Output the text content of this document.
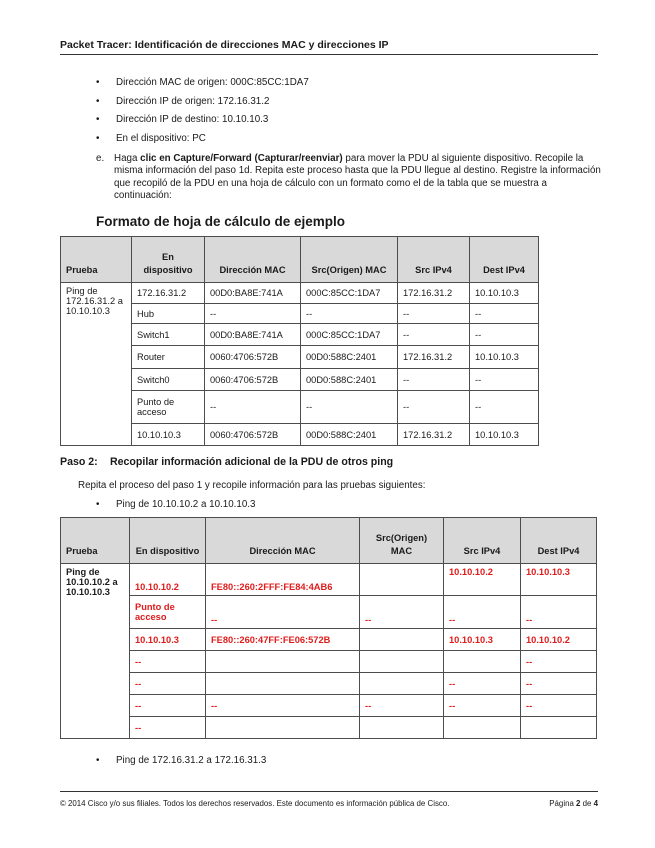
Packet Tracer: Identificación de direcciones MAC y direcciones IP
• Dirección MAC de origen: 000C:85CC:1DA7
• Dirección IP de origen: 172.16.31.2
• Dirección IP de destino: 10.10.10.3
• En el dispositivo: PC
e. Haga clic en Capture/Forward (Capturar/reenviar) para mover la PDU al siguiente dispositivo. Recopile la misma información del paso 1d. Repita este proceso hasta que la PDU llegue al destino. Registre la información que recopiló de la PDU en una hoja de cálculo con un formato como el de la tabla que se muestra a continuación:
Formato de hoja de cálculo de ejemplo
Prueba	En dispositivo	Dirección MAC	Src(Origen) MAC	Src IPv4	Dest IPv4
Ping de 172.16.31.2 a 10.10.10.3	172.16.31.2	00D0:BA8E:741A	000C:85CC:1DA7	172.16.31.2	10.10.10.3
	Hub	--	--	--	--
	Switch1	00D0:BA8E:741A	000C:85CC:1DA7	--	--
	Router	0060:4706:572B	00D0:588C:2401	172.16.31.2	10.10.10.3
	Switch0	0060:4706:572B	00D0:588C:2401	--	--
	Punto de acceso	--	--	--	--
	10.10.10.3	0060:4706:572B	00D0:588C:2401	172.16.31.2	10.10.10.3
Paso 2: Recopilar información adicional de la PDU de otros ping
Repita el proceso del paso 1 y recopile información para las pruebas siguientes:
• Ping de 10.10.10.2 a 10.10.10.3
Prueba	En dispositivo	Dirección MAC	Src(Origen) MAC	Src IPv4	Dest IPv4
Ping de 10.10.10.2 a 10.10.10.3	10.10.10.2	FE80::260:2FFF:FE84:4AB6		10.10.10.2	10.10.10.3
	Punto de acceso	--	--	--	--
	10.10.10.3	FE80::260:47FF:FE06:572B		10.10.10.3	10.10.10.2
	--				--
	--			--	--
	--	--	--	--	--
	--				
• Ping de 172.16.31.2 a 172.16.31.3
© 2014 Cisco y/o sus filiales. Todos los derechos reservados. Este documento es información pública de Cisco.	Página 2 de 4
